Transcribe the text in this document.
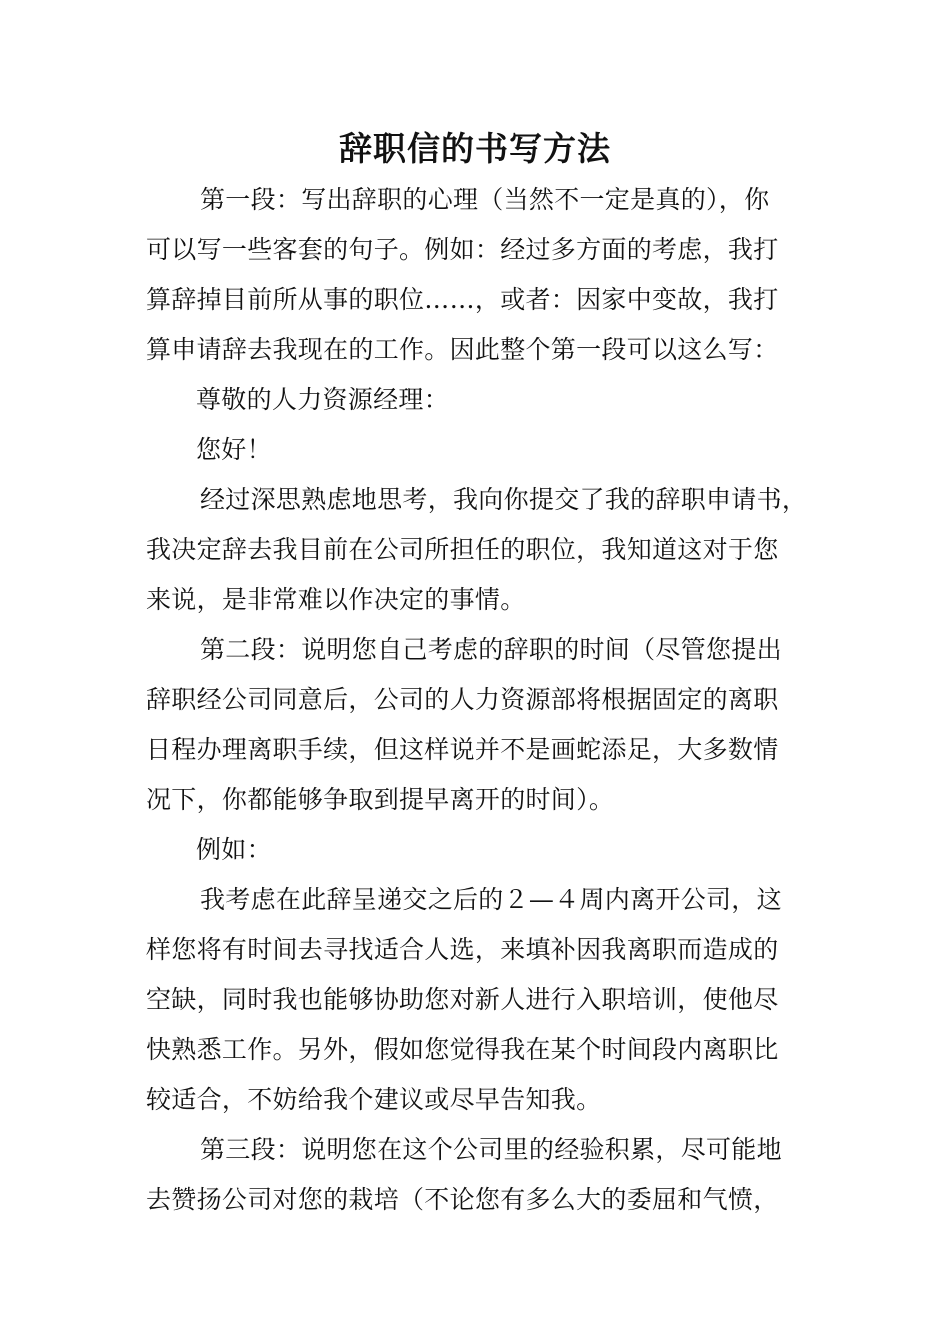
辞职信的书写方法
第一段：写出辞职的心理（当然不一定是真的），你
可以写一些客套的句子。例如：经过多方面的考虑，我打
算辞掉目前所从事的职位……，或者：因家中变故，我打
算申请辞去我现在的工作。因此整个第一段可以这么写：
尊敬的人力资源经理：
您好！
经过深思熟虑地思考，我向你提交了我的辞职申请书，
我决定辞去我目前在公司所担任的职位，我知道这对于您
来说，是非常难以作决定的事情。
第二段：说明您自己考虑的辞职的时间（尽管您提出
辞职经公司同意后，公司的人力资源部将根据固定的离职
日程办理离职手续，但这样说并不是画蛇添足，大多数情
况下，你都能够争取到提早离开的时间）。
例如：
我考虑在此辞呈递交之后的２—４周内离开公司，这
样您将有时间去寻找适合人选，来填补因我离职而造成的
空缺，同时我也能够协助您对新人进行入职培训，使他尽
快熟悉工作。另外，假如您觉得我在某个时间段内离职比
较适合，不妨给我个建议或尽早告知我。
第三段：说明您在这个公司里的经验积累，尽可能地
去赞扬公司对您的栽培（不论您有多么大的委屈和气愤，
